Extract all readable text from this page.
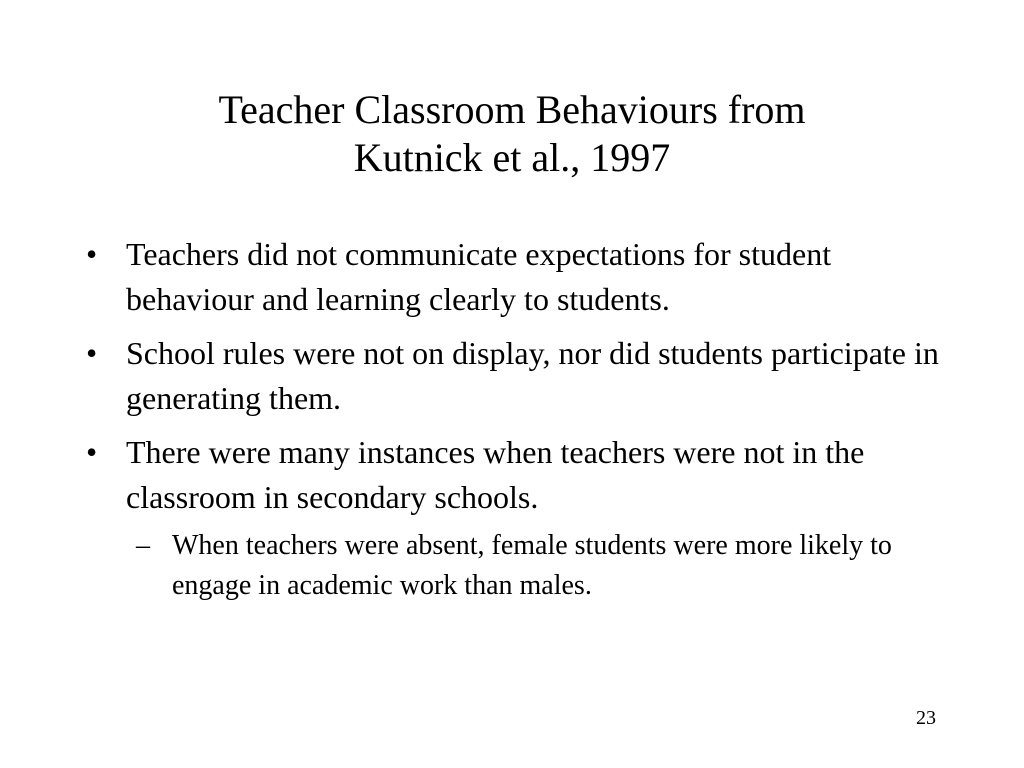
Teacher Classroom Behaviours from
Kutnick et al., 1997
• Teachers did not communicate expectations for student behaviour and learning clearly to students.
• School rules were not on display, nor did students participate in generating them.
• There were many instances when teachers were not in the classroom in secondary schools.
– When teachers were absent, female students were more likely to engage in academic work than males.
23
